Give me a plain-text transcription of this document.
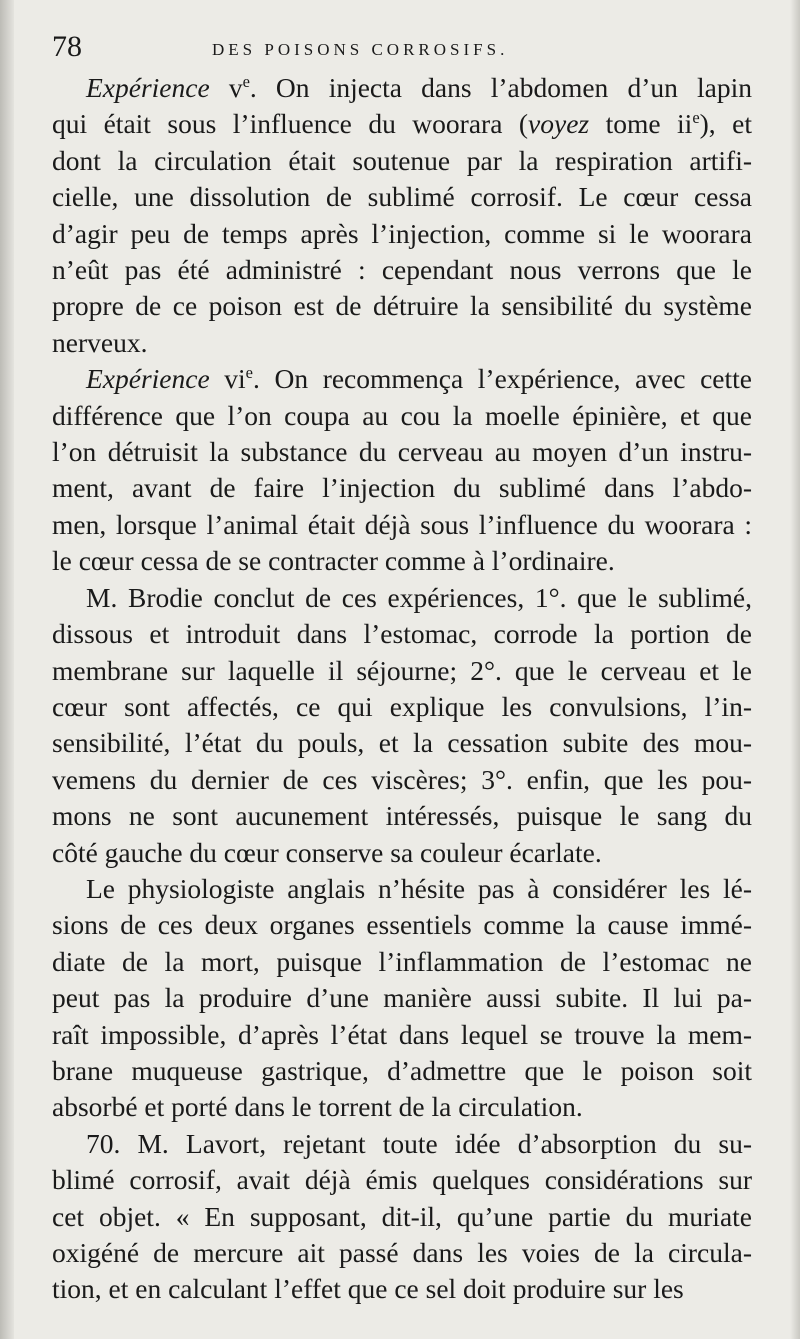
78	DES POISONS CORROSIFS.
Expérience $v^e$. On injecta dans l’abdomen d’un lapin
qui était sous l’influence du woorara (voyez tome $ii^e$), et
dont la circulation était soutenue par la respiration artifi-
cielle, une dissolution de sublimé corrosif. Le cœur cessa
d’agir peu de temps après l’injection, comme si le woorara
n’eût pas été administré : cependant nous verrons que le
propre de ce poison est de détruire la sensibilité du système
nerveux.
Expérience $vi^e$. On recommença l’expérience, avec cette
différence que l’on coupa au cou la moelle épinière, et que
l’on détruisit la substance du cerveau au moyen d’un instru-
ment, avant de faire l’injection du sublimé dans l’abdo-
men, lorsque l’animal était déjà sous l’influence du woorara :
le cœur cessa de se contracter comme à l’ordinaire.
M. Brodie conclut de ces expériences, 1°. que le sublimé,
dissous et introduit dans l’estomac, corrode la portion de
membrane sur laquelle il séjourne; 2°. que le cerveau et le
cœur sont affectés, ce qui explique les convulsions, l’in-
sensibilité, l’état du pouls, et la cessation subite des mou-
vemens du dernier de ces viscères; 3°. enfin, que les pou-
mons ne sont aucunement intéressés, puisque le sang du
côté gauche du cœur conserve sa couleur écarlate.
Le physiologiste anglais n’hésite pas à considérer les lé-
sions de ces deux organes essentiels comme la cause immé-
diate de la mort, puisque l’inflammation de l’estomac ne
peut pas la produire d’une manière aussi subite. Il lui pa-
raît impossible, d’après l’état dans lequel se trouve la mem-
brane muqueuse gastrique, d’admettre que le poison soit
absorbé et porté dans le torrent de la circulation.
70. M. Lavort, rejetant toute idée d’absorption du su-
blimé corrosif, avait déjà émis quelques considérations sur
cet objet. « En supposant, dit-il, qu’une partie du muriate
oxigéné de mercure ait passé dans les voies de la circula-
tion, et en calculant l’effet que ce sel doit produire sur les
